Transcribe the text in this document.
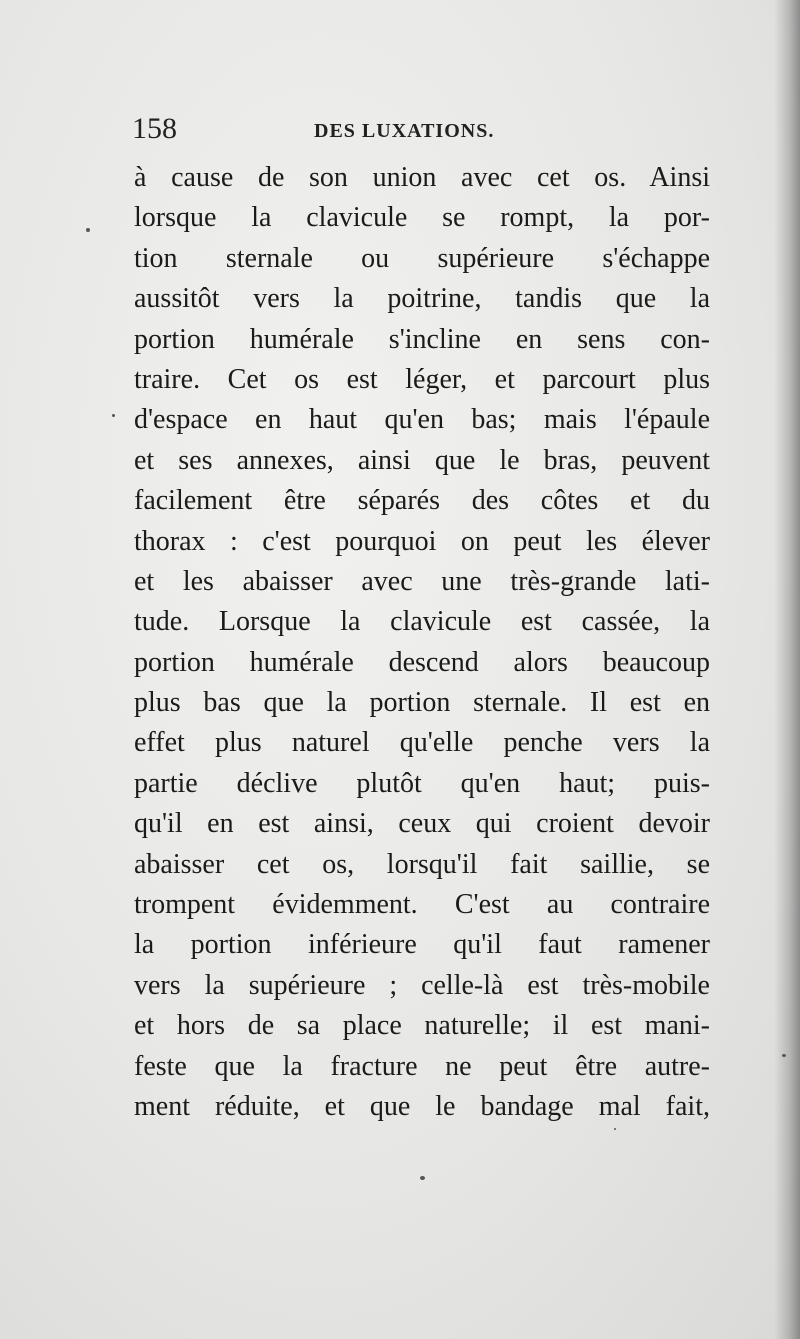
158	DES LUXATIONS.
à cause de son union avec cet os. Ainsi
lorsque la clavicule se rompt, la por-
tion sternale ou supérieure s'échappe
aussitôt vers la poitrine, tandis que la
portion humérale s'incline en sens con-
traire. Cet os est léger, et parcourt plus
d'espace en haut qu'en bas; mais l'épaule
et ses annexes, ainsi que le bras, peuvent
facilement être séparés des côtes et du
thorax : c'est pourquoi on peut les élever
et les abaisser avec une très-grande lati-
tude. Lorsque la clavicule est cassée, la
portion humérale descend alors beaucoup
plus bas que la portion sternale. Il est en
effet plus naturel qu'elle penche vers la
partie déclive plutôt qu'en haut; puis-
qu'il en est ainsi, ceux qui croient devoir
abaisser cet os, lorsqu'il fait saillie, se
trompent évidemment. C'est au contraire
la portion inférieure qu'il faut ramener
vers la supérieure ; celle-là est très-mobile
et hors de sa place naturelle; il est mani-
feste que la fracture ne peut être autre-
ment réduite, et que le bandage mal fait,
